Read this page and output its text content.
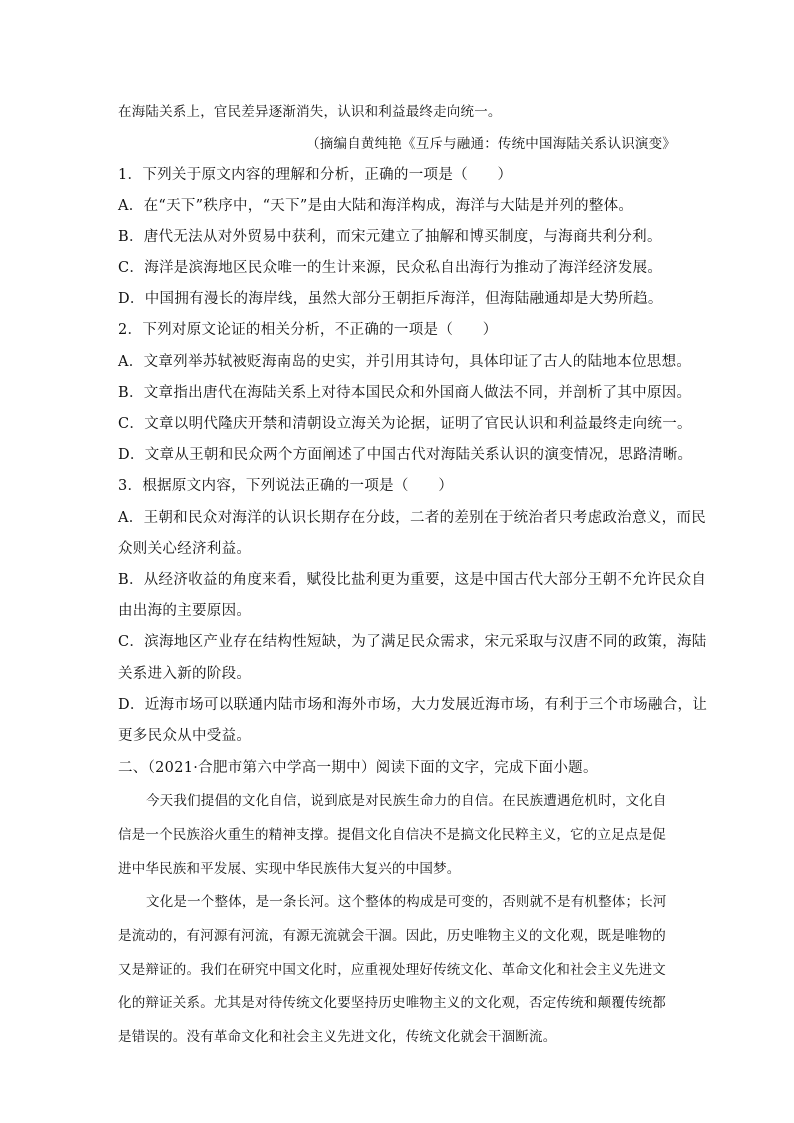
在海陆关系上，官民差异逐渐消失，认识和利益最终走向统一。
（摘编自黄纯艳《互斥与融通：传统中国海陆关系认识演变》
1．下列关于原文内容的理解和分析，正确的一项是（　　）
A．在“天下”秩序中，“天下”是由大陆和海洋构成，海洋与大陆是并列的整体。
B．唐代无法从对外贸易中获利，而宋元建立了抽解和博买制度，与海商共利分利。
C．海洋是滨海地区民众唯一的生计来源，民众私自出海行为推动了海洋经济发展。
D．中国拥有漫长的海岸线，虽然大部分王朝拒斥海洋，但海陆融通却是大势所趋。
2．下列对原文论证的相关分析，不正确的一项是（　　）
A．文章列举苏轼被贬海南岛的史实，并引用其诗句，具体印证了古人的陆地本位思想。
B．文章指出唐代在海陆关系上对待本国民众和外国商人做法不同，并剖析了其中原因。
C．文章以明代隆庆开禁和清朝设立海关为论据，证明了官民认识和利益最终走向统一。
D．文章从王朝和民众两个方面阐述了中国古代对海陆关系认识的演变情况，思路清晰。
3．根据原文内容，下列说法正确的一项是（　　）
A．王朝和民众对海洋的认识长期存在分歧，二者的差别在于统治者只考虑政治意义，而民
众则关心经济利益。
B．从经济收益的角度来看，赋役比盐利更为重要，这是中国古代大部分王朝不允许民众自
由出海的主要原因。
C．滨海地区产业存在结构性短缺，为了满足民众需求，宋元采取与汉唐不同的政策，海陆
关系进入新的阶段。
D．近海市场可以联通内陆市场和海外市场，大力发展近海市场，有利于三个市场融合，让
更多民众从中受益。
二、（2021·合肥市第六中学高一期中）阅读下面的文字，完成下面小题。
今天我们提倡的文化自信，说到底是对民族生命力的自信。在民族遭遇危机时，文化自
信是一个民族浴火重生的精神支撑。提倡文化自信决不是搞文化民粹主义，它的立足点是促
进中华民族和平发展、实现中华民族伟大复兴的中国梦。
文化是一个整体，是一条长河。这个整体的构成是可变的，否则就不是有机整体；长河
是流动的，有河源有河流，有源无流就会干涸。因此，历史唯物主义的文化观，既是唯物的
又是辩证的。我们在研究中国文化时，应重视处理好传统文化、革命文化和社会主义先进文
化的辩证关系。尤其是对待传统文化要坚持历史唯物主义的文化观，否定传统和颠覆传统都
是错误的。没有革命文化和社会主义先进文化，传统文化就会干涸断流。
